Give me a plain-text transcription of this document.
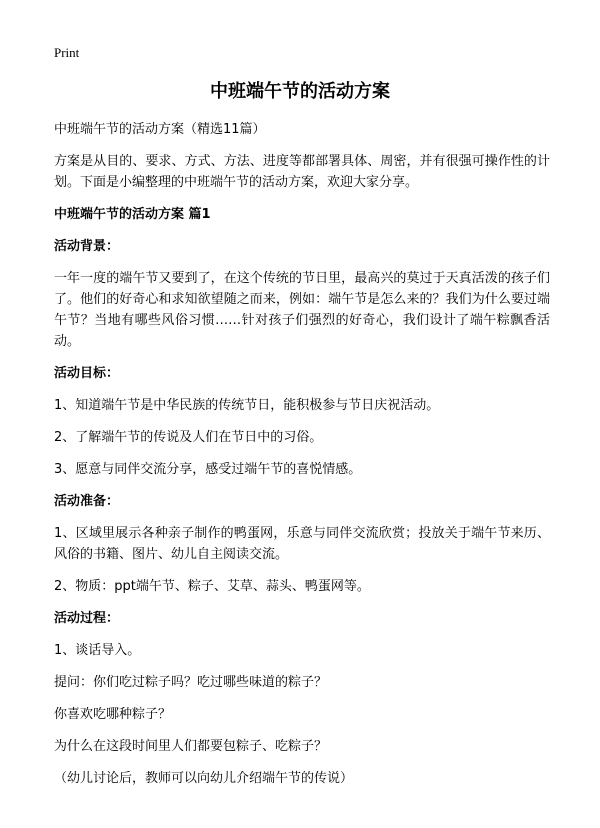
Print
中班端午节的活动方案

中班端午节的活动方案（精选11篇）

方案是从目的、要求、方式、方法、进度等都部署具体、周密，并有很强可操作性的计划。下面是小编整理的中班端午节的活动方案，欢迎大家分享。

中班端午节的活动方案 篇1

活动背景：

一年一度的端午节又要到了，在这个传统的节日里，最高兴的莫过于天真活泼的孩子们了。他们的好奇心和求知欲望随之而来，例如：端午节是怎么来的？我们为什么要过端午节？当地有哪些风俗习惯……针对孩子们强烈的好奇心，我们设计了端午粽飘香活动。

活动目标：

1、知道端午节是中华民族的传统节日，能积极参与节日庆祝活动。

2、了解端午节的传说及人们在节日中的习俗。

3、愿意与同伴交流分享，感受过端午节的喜悦情感。

活动准备：

1、区域里展示各种亲子制作的鸭蛋网，乐意与同伴交流欣赏；投放关于端午节来历、风俗的书籍、图片、幼儿自主阅读交流。

2、物质：ppt端午节、粽子、艾草、蒜头、鸭蛋网等。

活动过程：

1、谈话导入。

提问：你们吃过粽子吗？吃过哪些味道的粽子？

你喜欢吃哪种粽子？

为什么在这段时间里人们都要包粽子、吃粽子？

（幼儿讨论后，教师可以向幼儿介绍端午节的传说）
